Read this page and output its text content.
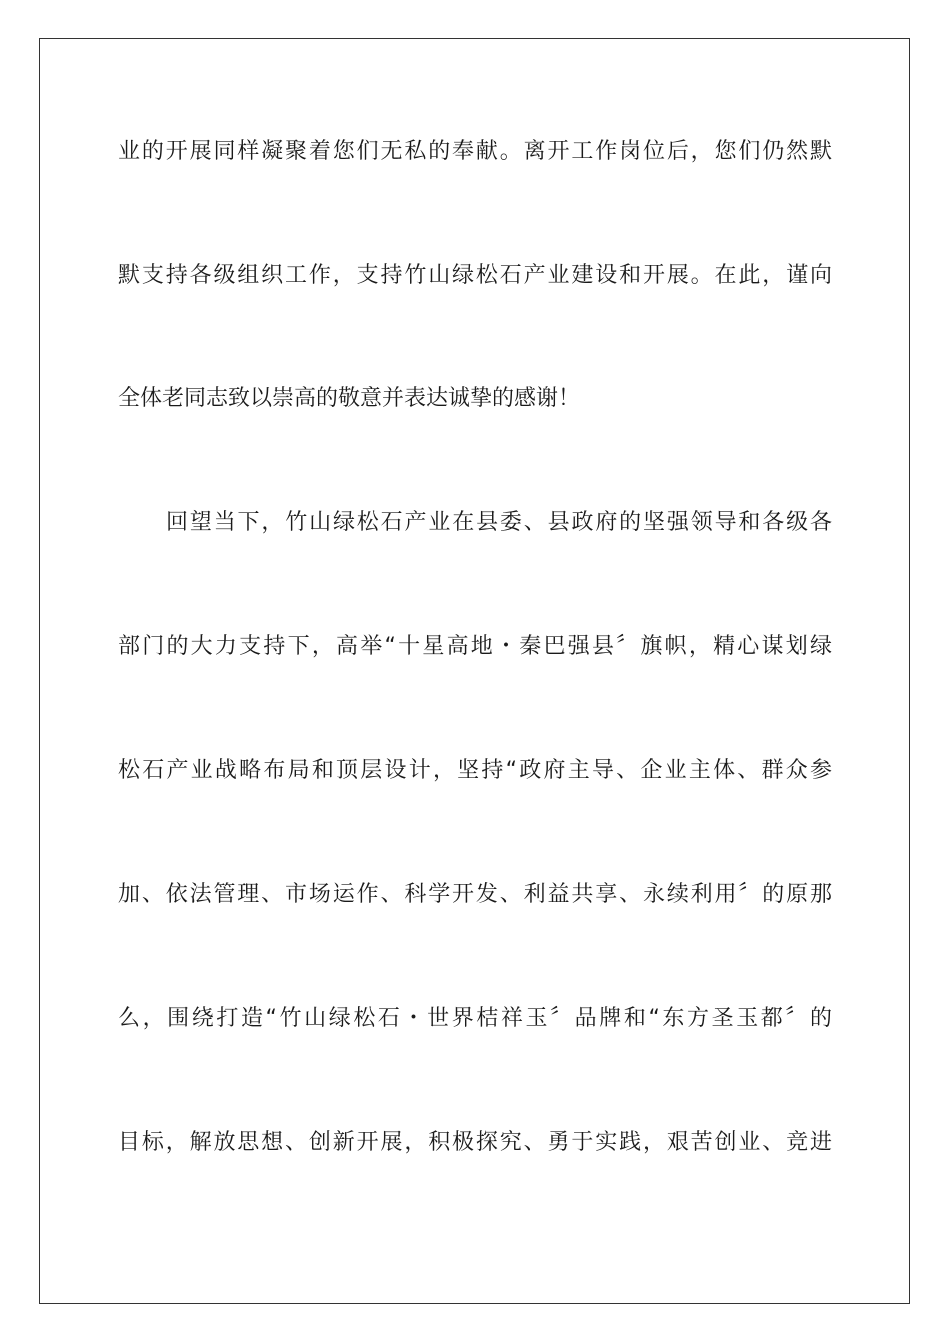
业的开展同样凝聚着您们无私的奉献。离开工作岗位后，您们仍然默
默支持各级组织工作，支持竹山绿松石产业建设和开展。在此，谨向
全体老同志致以崇高的敬意并表达诚挚的感谢！
回望当下，竹山绿松石产业在县委、县政府的坚强领导和各级各
部门的大力支持下，高举“十星高地・秦巴强县〞旗帜，精心谋划绿
松石产业战略布局和顶层设计，坚持“政府主导、企业主体、群众参
加、依法管理、市场运作、科学开发、利益共享、永续利用〞的原那
么，围绕打造“竹山绿松石・世界桔祥玉〞品牌和“东方圣玉都〞的
目标，解放思想、创新开展，积极探究、勇于实践，艰苦创业、竞进
